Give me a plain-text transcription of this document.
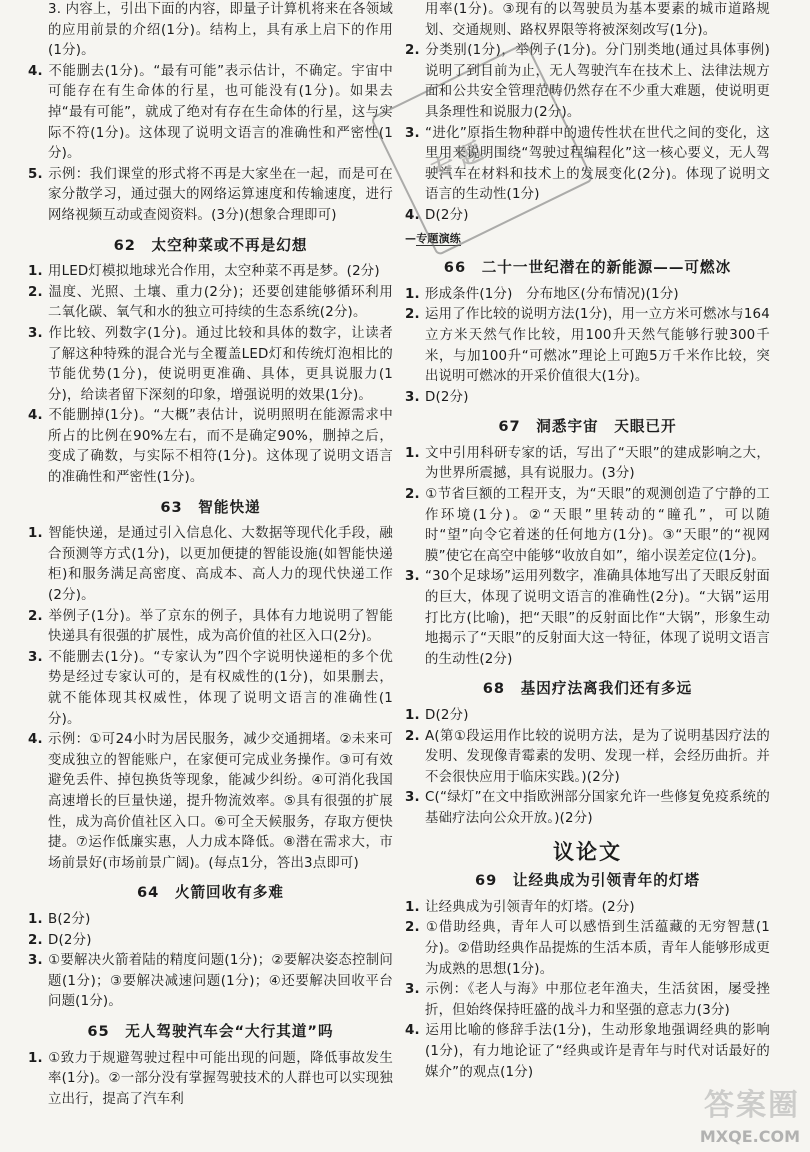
3. 内容上，引出下面的内容，即量子计算机将来在各领域的应用前景的介绍(1分)。结构上，具有承上启下的作用(1分)。

4. 不能删去(1分)。“最有可能”表示估计，不确定。宇宙中可能存在有生命体的行星，也可能没有(1分)。如果去掉“最有可能”，就成了绝对有存在生命体的行星，这与实际不符(1分)。这体现了说明文语言的准确性和严密性(1分)。

5. 示例：我们课堂的形式将不再是大家坐在一起，而是可在家分散学习，通过强大的网络运算速度和传输速度，进行网络视频互动或查阅资料。(3分)(想象合理即可)

62　太空种菜或不再是幻想

1. 用LED灯模拟地球光合作用，太空种菜不再是梦。(2分)

2. 温度、光照、土壤、重力(2分)；还要创建能够循环利用二氧化碳、氧气和水的独立可持续的生态系统(2分)。

3. 作比较、列数字(1分)。通过比较和具体的数字，让读者了解这种特殊的混合光与全覆盖LED灯和传统灯泡相比的节能优势(1分)，使说明更准确、具体，更具说服力(1分)，给读者留下深刻的印象，增强说明的效果(1分)。

4. 不能删掉(1分)。“大概”表估计，说明照明在能源需求中所占的比例在90%左右，而不是确定90%，删掉之后，变成了确数，与实际不相符(1分)。这体现了说明文语言的准确性和严密性(1分)。

63　智能快递

1. 智能快递，是通过引入信息化、大数据等现代化手段，融合预测等方式(1分)，以更加便捷的智能设施(如智能快递柜)和服务满足高密度、高成本、高人力的现代快递工作(2分)。

2. 举例子(1分)。举了京东的例子，具体有力地说明了智能快递具有很强的扩展性，成为高价值的社区入口(2分)。

3. 不能删去(1分)。“专家认为”四个字说明快递柜的多个优势是经过专家认可的，是有权威性的(1分)，如果删去，就不能体现其权威性，体现了说明文语言的准确性(1分)。

4. 示例：①可24小时为居民服务，减少交通拥堵。②未来可变成独立的智能账户，在家便可完成业务操作。③可有效避免丢件、掉包换货等现象，能减少纠纷。④可消化我国高速增长的巨量快递，提升物流效率。⑤具有很强的扩展性，成为高价值社区入口。⑥可全天候服务，存取方便快捷。⑦运作低廉实惠，人力成本降低。⑧潜在需求大，市场前景好(市场前景广阔)。(每点1分，答出3点即可)

64　火箭回收有多难

1. B(2分)

2. D(2分)

3. ①要解决火箭着陆的精度问题(1分)；②要解决姿态控制问题(1分)；③要解决减速问题(1分)；④还要解决回收平台问题(1分)。

65　无人驾驶汽车会“大行其道”吗

1. ①致力于规避驾驶过程中可能出现的问题，降低事故发生率(1分)。②一部分没有掌握驾驶技术的人群也可以实现独立出行，提高了汽车利

用率(1分)。③现有的以驾驶员为基本要素的城市道路规划、交通规则、路权界限等将被深刻改写(1分)。

2. 分类别(1分)，举例子(1分)。分门别类地(通过具体事例)说明了到目前为止，无人驾驶汽车在技术上、法律法规方面和公共安全管理范畴仍然存在不少重大难题，使说明更具条理性和说服力(2分)。

3. “进化”原指生物种群中的遗传性状在世代之间的变化，这里用来说明围绕“驾驶过程编程化”这一核心要义，无人驾驶汽车在材料和技术上的发展变化(2分)。体现了说明文语言的生动性(1分)

4. D(2分)

—专题演练
66　二十一世纪潜在的新能源——可燃冰

1. 形成条件(1分)　分布地区(分布情况)(1分)

2. 运用了作比较的说明方法(1分)，用一立方米可燃冰与164立方米天然气作比较，用100升天然气能够行驶300千米，与加100升“可燃冰”理论上可跑5万千米作比较，突出说明可燃冰的开采价值很大(1分)。

3. D(2分)

67　洞悉宇宙　天眼已开

1. 文中引用科研专家的话，写出了“天眼”的建成影响之大，为世界所震撼，具有说服力。(3分)

2. ①节省巨额的工程开支，为“天眼”的观测创造了宁静的工作环境(1分)。②“天眼”里转动的“瞳孔”，可以随时“望”向令它着迷的任何地方(1分)。③“天眼”的“视网膜”使它在高空中能够“收放自如”，缩小误差定位(1分)。

3. “30个足球场”运用列数字，准确具体地写出了天眼反射面的巨大，体现了说明文语言的准确性(2分)。“大锅”运用打比方(比喻)，把“天眼”的反射面比作“大锅”，形象生动地揭示了“天眼”的反射面大这一特征，体现了说明文语言的生动性(2分)

68　基因疗法离我们还有多远

1. D(2分)

2. A(第①段运用作比较的说明方法，是为了说明基因疗法的发明、发现像青霉素的发明、发现一样，会经历曲折。并不会很快应用于临床实践。)(2分)

3. C(“绿灯”在文中指欧洲部分国家允许一些修复免疫系统的基础疗法向公众开放。)(2分)

议论文
69　让经典成为引领青年的灯塔

1. 让经典成为引领青年的灯塔。(2分)

2. ①借助经典，青年人可以感悟到生活蕴藏的无穷智慧(1分)。②借助经典作品提炼的生活本质，青年人能够形成更为成熟的思想(1分)。

3. 示例：《老人与海》中那位老年渔夫，生活贫困，屡受挫折，但始终保持旺盛的战斗力和坚强的意志力(3分)

4. 运用比喻的修辞手法(1分)，生动形象地强调经典的影响(1分)，有力地论证了“经典或许是青年与时代对话最好的媒介”的观点(1分)

专题
答案圈
MXQE.COM
